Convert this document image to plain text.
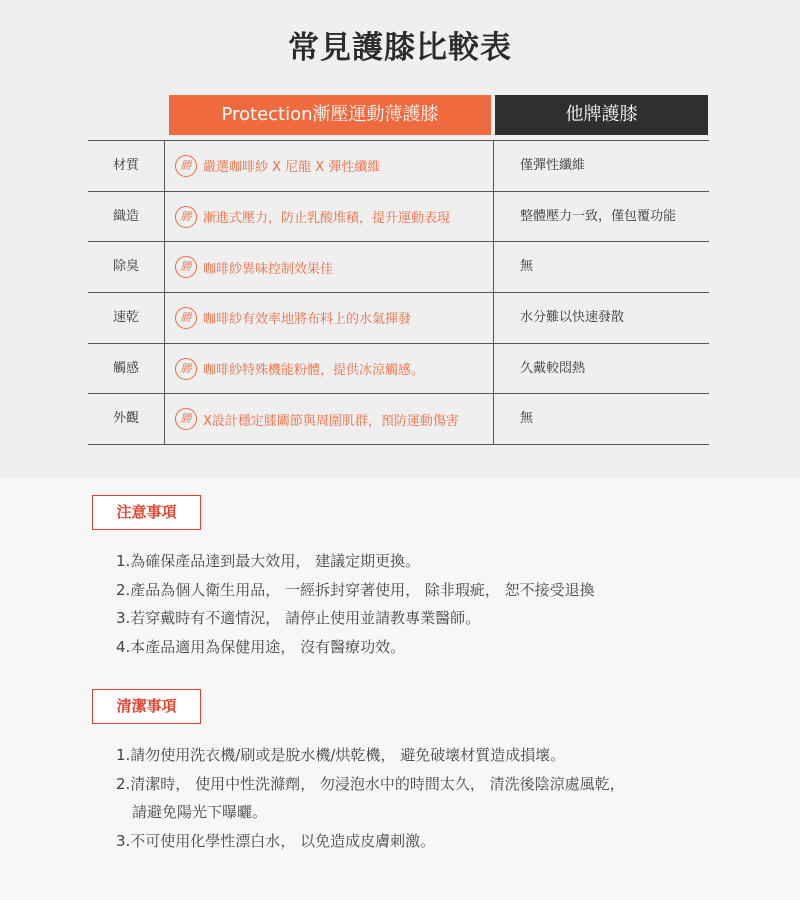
常見護膝比較表
Protection漸壓運動薄護膝	他牌護膝
材質	勝 嚴選咖啡紗 X 尼龍 X 彈性纖維	僅彈性纖維
織造	勝 漸進式壓力，防止乳酸堆積，提升運動表現	整體壓力一致，僅包覆功能
除臭	勝 咖啡紗異味控制效果佳	無
速乾	勝 咖啡紗有效率地將布料上的水氣揮發	水分難以快速發散
觸感	勝 咖啡紗特殊機能粉體，提供冰涼觸感。	久戴較悶熱
外觀	勝 X設計穩定膝關節與周圍肌群，預防運動傷害	無
注意事項
1.為確保產品達到最大效用， 建議定期更換。
2.產品為個人衛生用品， 一經拆封穿著使用， 除非瑕疵， 恕不接受退換
3.若穿戴時有不適情況， 請停止使用並請教專業醫師。
4.本產品適用為保健用途， 沒有醫療功效。
清潔事項
1.請勿使用洗衣機/刷或是脫水機/烘乾機， 避免破壞材質造成損壞。
2.清潔時， 使用中性洗滌劑， 勿浸泡水中的時間太久， 清洗後陰涼處風乾，
請避免陽光下曝曬。
3.不可使用化學性漂白水， 以免造成皮膚刺激。
